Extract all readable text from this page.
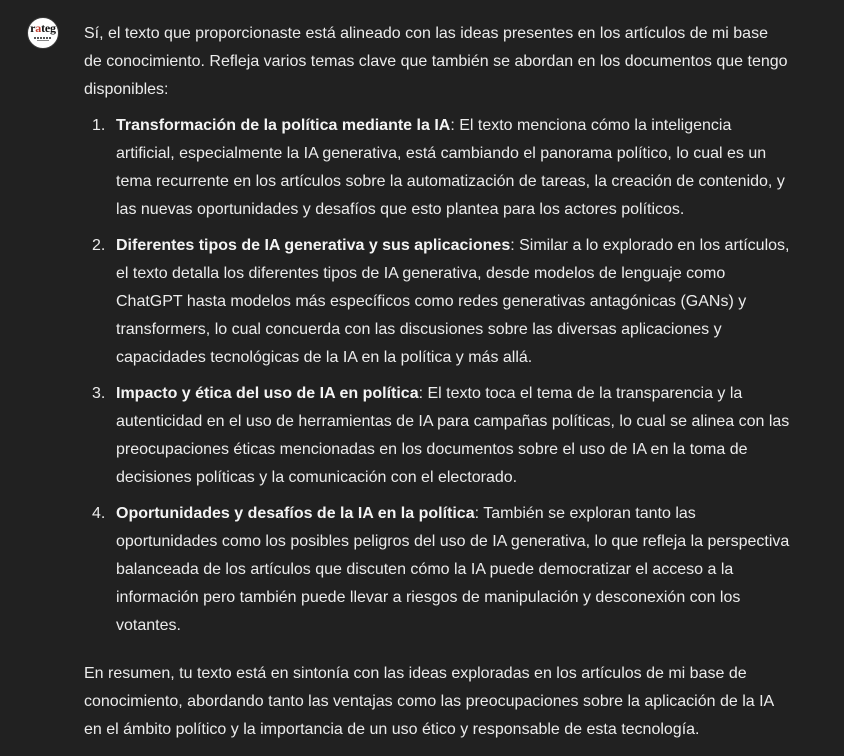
rateg Sí, el texto que proporcionaste está alineado con las ideas presentes en los artículos de mi base de conocimiento. Refleja varios temas clave que también se abordan en los documentos que tengo disponibles:

1. Transformación de la política mediante la IA: El texto menciona cómo la inteligencia artificial, especialmente la IA generativa, está cambiando el panorama político, lo cual es un tema recurrente en los artículos sobre la automatización de tareas, la creación de contenido, y las nuevas oportunidades y desafíos que esto plantea para los actores políticos.
2. Diferentes tipos de IA generativa y sus aplicaciones: Similar a lo explorado en los artículos, el texto detalla los diferentes tipos de IA generativa, desde modelos de lenguaje como ChatGPT hasta modelos más específicos como redes generativas antagónicas (GANs) y transformers, lo cual concuerda con las discusiones sobre las diversas aplicaciones y capacidades tecnológicas de la IA en la política y más allá.
3. Impacto y ética del uso de IA en política: El texto toca el tema de la transparencia y la autenticidad en el uso de herramientas de IA para campañas políticas, lo cual se alinea con las preocupaciones éticas mencionadas en los documentos sobre el uso de IA en la toma de decisiones políticas y la comunicación con el electorado.
4. Oportunidades y desafíos de la IA en la política: También se exploran tanto las oportunidades como los posibles peligros del uso de IA generativa, lo que refleja la perspectiva balanceada de los artículos que discuten cómo la IA puede democratizar el acceso a la información pero también puede llevar a riesgos de manipulación y desconexión con los votantes.

En resumen, tu texto está en sintonía con las ideas exploradas en los artículos de mi base de conocimiento, abordando tanto las ventajas como las preocupaciones sobre la aplicación de la IA en el ámbito político y la importancia de un uso ético y responsable de esta tecnología.
